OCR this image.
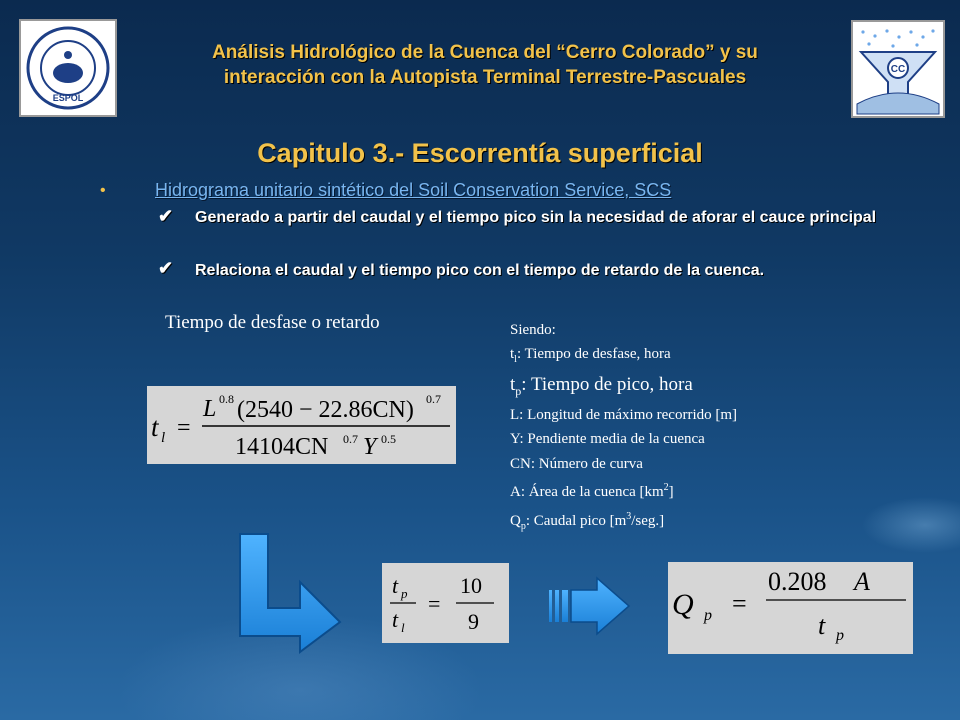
ESPOL
CC
Análisis Hidrológico de la Cuenca del “Cerro Colorado” y su
interacción con la Autopista Terminal Terrestre-Pascuales
Capitulo 3.- Escorrentía superficial
•	Hidrograma unitario sintético del Soil Conservation Service, SCS
✔ Generado a partir del caudal y el tiempo pico sin la necesidad de aforar el cauce principal
✔ Relaciona el caudal y el tiempo pico con el tiempo de retardo de la cuenca.
Tiempo de desfase o retardo	Siendo:
$t_l$: Tiempo de desfase, hora
$t_p$: Tiempo de pico, hora
L: Longitud de máximo recorrido [m]
Y: Pendiente media de la cuenca
CN: Número de curva
A: Área de la cuenca $[km^2]$
$Q_p$: Caudal pico $[m^3/seg.]$
t l =
L 0.8 (2540 − 22.86CN) 0.7
14104CN 0.7 Y 0.5
t p
t l
=
10
9
Q p =
0.208 A
t p
